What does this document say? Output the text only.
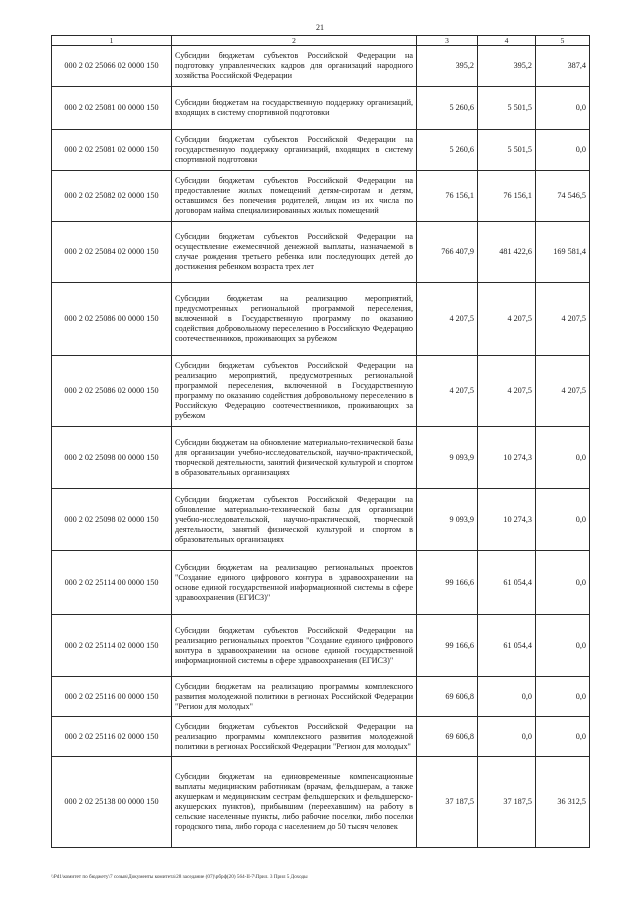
21
1	2	3	4	5
000 2 02 25066 02 0000 150	Субсидии бюджетам субъектов Российской Федерации на подготовку управленческих кадров для организаций народного хозяйства Российской Федерации	395,2	395,2	387,4
000 2 02 25081 00 0000 150	Субсидии бюджетам на государственную поддержку организаций, входящих в систему спортивной подготовки	5 260,6	5 501,5	0,0
000 2 02 25081 02 0000 150	Субсидии бюджетам субъектов Российской Федерации на государственную поддержку организаций, входящих в систему спортивной подготовки	5 260,6	5 501,5	0,0
000 2 02 25082 02 0000 150	Субсидии бюджетам субъектов Российской Федерации на предоставление жилых помещений детям-сиротам и детям, оставшимся без попечения родителей, лицам из их числа по договорам найма специализированных жилых помещений	76 156,1	76 156,1	74 546,5
000 2 02 25084 02 0000 150	Субсидии бюджетам субъектов Российской Федерации на осуществление ежемесячной денежной выплаты, назначаемой в случае рождения третьего ребенка или последующих детей до достижения ребенком возраста трех лет	766 407,9	481 422,6	169 581,4
000 2 02 25086 00 0000 150	Субсидии бюджетам на реализацию мероприятий, предусмотренных региональной программой переселения, включенной в Государственную программу по оказанию содействия добровольному переселению в Российскую Федерацию соотечественников, проживающих за рубежом	4 207,5	4 207,5	4 207,5
000 2 02 25086 02 0000 150	Субсидии бюджетам субъектов Российской Федерации на реализацию мероприятий, предусмотренных региональной программой переселения, включенной в Государственную программу по оказанию содействия добровольному переселению в Российскую Федерацию соотечественников, проживающих за рубежом	4 207,5	4 207,5	4 207,5
000 2 02 25098 00 0000 150	Субсидии бюджетам на обновление материально-технической базы для организации учебно-исследовательской, научно-практической, творческой деятельности, занятий физической культурой и спортом в образовательных организациях	9 093,9	10 274,3	0,0
000 2 02 25098 02 0000 150	Субсидии бюджетам субъектов Российской Федерации на обновление материально-технической базы для организации учебно-исследовательской, научно-практической, творческой деятельности, занятий физической культурой и спортом в образовательных организациях	9 093,9	10 274,3	0,0
000 2 02 25114 00 0000 150	Субсидии бюджетам на реализацию региональных проектов "Создание единого цифрового контура в здравоохранении на основе единой государственной информационной системы в сфере здравоохранения (ЕГИСЗ)"	99 166,6	61 054,4	0,0
000 2 02 25114 02 0000 150	Субсидии бюджетам субъектов Российской Федерации на реализацию региональных проектов "Создание единого цифрового контура в здравоохранении на основе единой государственной информационной системы в сфере здравоохранения (ЕГИСЗ)"	99 166,6	61 054,4	0,0
000 2 02 25116 00 0000 150	Субсидии бюджетам на реализацию программы комплексного развития молодежной политики в регионах Российской Федерации "Регион для молодых"	69 606,8	0,0	0,0
000 2 02 25116 02 0000 150	Субсидии бюджетам субъектов Российской Федерации на реализацию программы комплексного развития молодежной политики в регионах Российской Федерации "Регион для молодых"	69 606,8	0,0	0,0
000 2 02 25138 00 0000 150	Субсидии бюджетам на единовременные компенсационные выплаты медицинским работникам (врачам, фельдшерам, а также акушеркам и медицинским сестрам фельдшерских и фельдшерско-акушерских пунктов), прибывшим (переехавшим) на работу в сельские населенные пункты, либо рабочие поселки, либо поселки городского типа, либо города с населением до 50 тысяч человек	37 187,5	37 187,5	36 312,5
\\Pd1\комитет по бюджету\7 созыв\Документы комитета\28 заседание (07)\рбрф(20) 564-II-7\Прил. 3 Прил 5 Доходы
